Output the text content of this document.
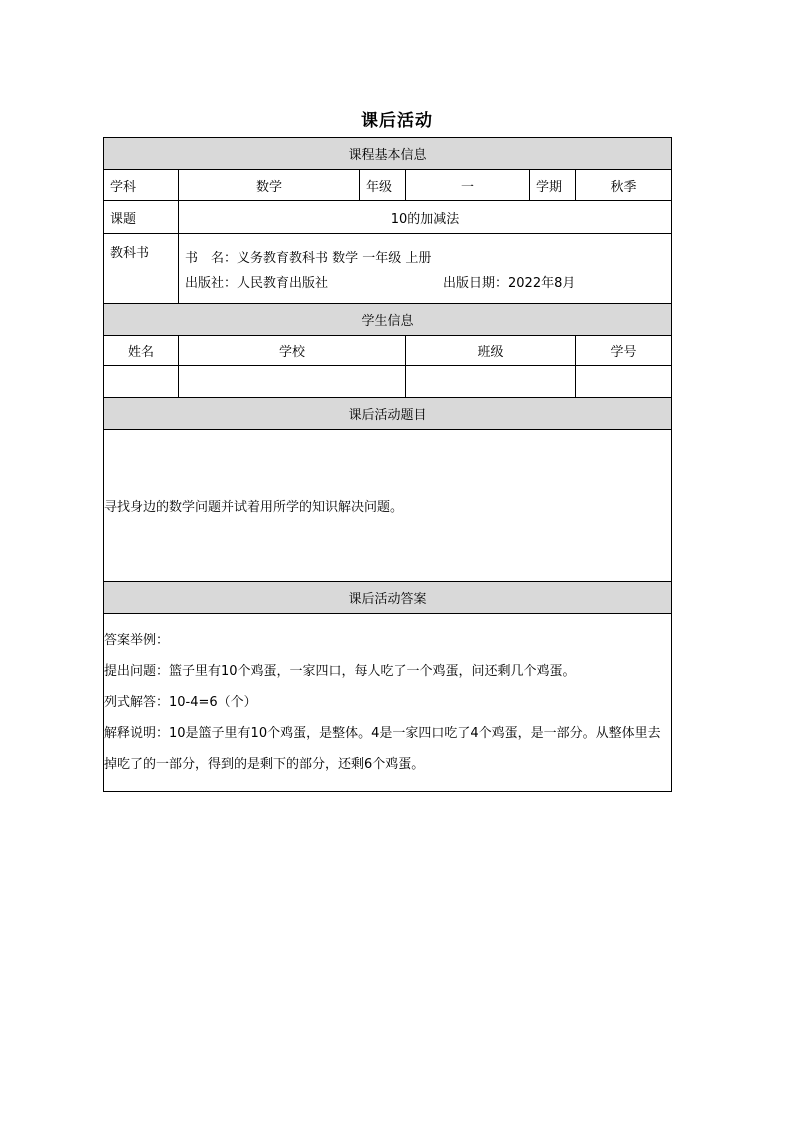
课后活动
课程基本信息					
学科	数学	年级	一	学期	秋季
课题	10的加减法				
教科书	书　名：义务教育教科书 数学 一年级 上册
出版社：人民教育出版社 出版日期：2022年8月				

学生信息					
姓名	学校		班级		学号

课后活动题目					
寻找身边的数学问题并试着用所学的知识解决问题。					
课后活动答案					

答案举例：
提出问题：篮子里有10个鸡蛋，一家四口，每人吃了一个鸡蛋，问还剩几个鸡蛋。
列式解答：10-4=6（个）
解释说明：10是篮子里有10个鸡蛋，是整体。4是一家四口吃了4个鸡蛋，是一部分。从整体里去掉吃了的一部分，得到的是剩下的部分，还剩6个鸡蛋。					
